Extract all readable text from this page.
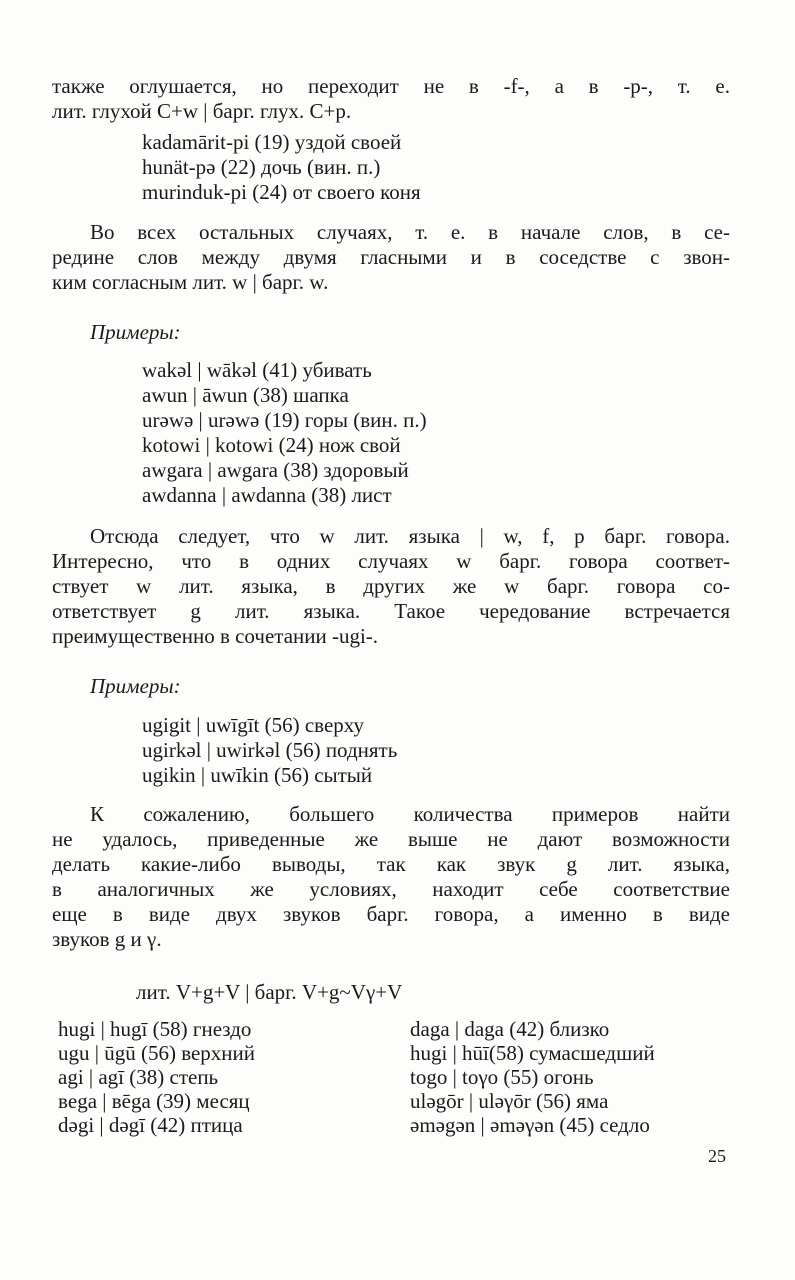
также оглушается, но переходит не в -f-, а в -p-, т. е.
лит. глухой C+w | барг. глух. C+p.
kadamārit-pi (19) уздой своей
hunät-pə (22) дочь (вин. п.)
murinduk-pi (24) от своего коня
Во всех остальных случаях, т. е. в начале слов, в се-
редине слов между двумя гласными и в соседстве с звон-
ким согласным лит. w | барг. w.
Примеры:
wakəl | wākəl (41) убивать
awun | āwun (38) шапка
urəwə | urəwə (19) горы (вин. п.)
kotowi | kotowi (24) нож свой
awgara | awgara (38) здоровый
awdanna | awdanna (38) лист
Отсюда следует, что w лит. языка | w, f, p барг. говора.
Интересно, что в одних случаях w барг. говора соответ-
ствует w лит. языка, в других же w барг. говора со-
ответствует g лит. языка. Такое чередование встречается
преимущественно в сочетании -ugi-.
Примеры:
ugigit | uwīgīt (56) сверху
ugirkəl | uwirkəl (56) поднять
ugikin | uwīkin (56) сытый
К сожалению, большего количества примеров найти
не удалось, приведенные же выше не дают возможности
делать какие-либо выводы, так как звук g лит. языка,
в аналогичных же условиях, находит себе соответствие
еще в виде двух звуков барг. говора, а именно в виде
звуков g и γ.
лит. V+g+V | барг. V+g~Vγ+V
hugi | hugī (58) гнездо
ugu | ūgū (56) верхний
agi | agī (38) степь
вega | вēga (39) месяц
dəgi | dəgī (42) птица
daga | daga (42) близко
hugi | hūī(58) сумасшедший
togo | toγo (55) огонь
uləgōr | uləγōr (56) яма
əməgən | əməγən (45) седло
25
